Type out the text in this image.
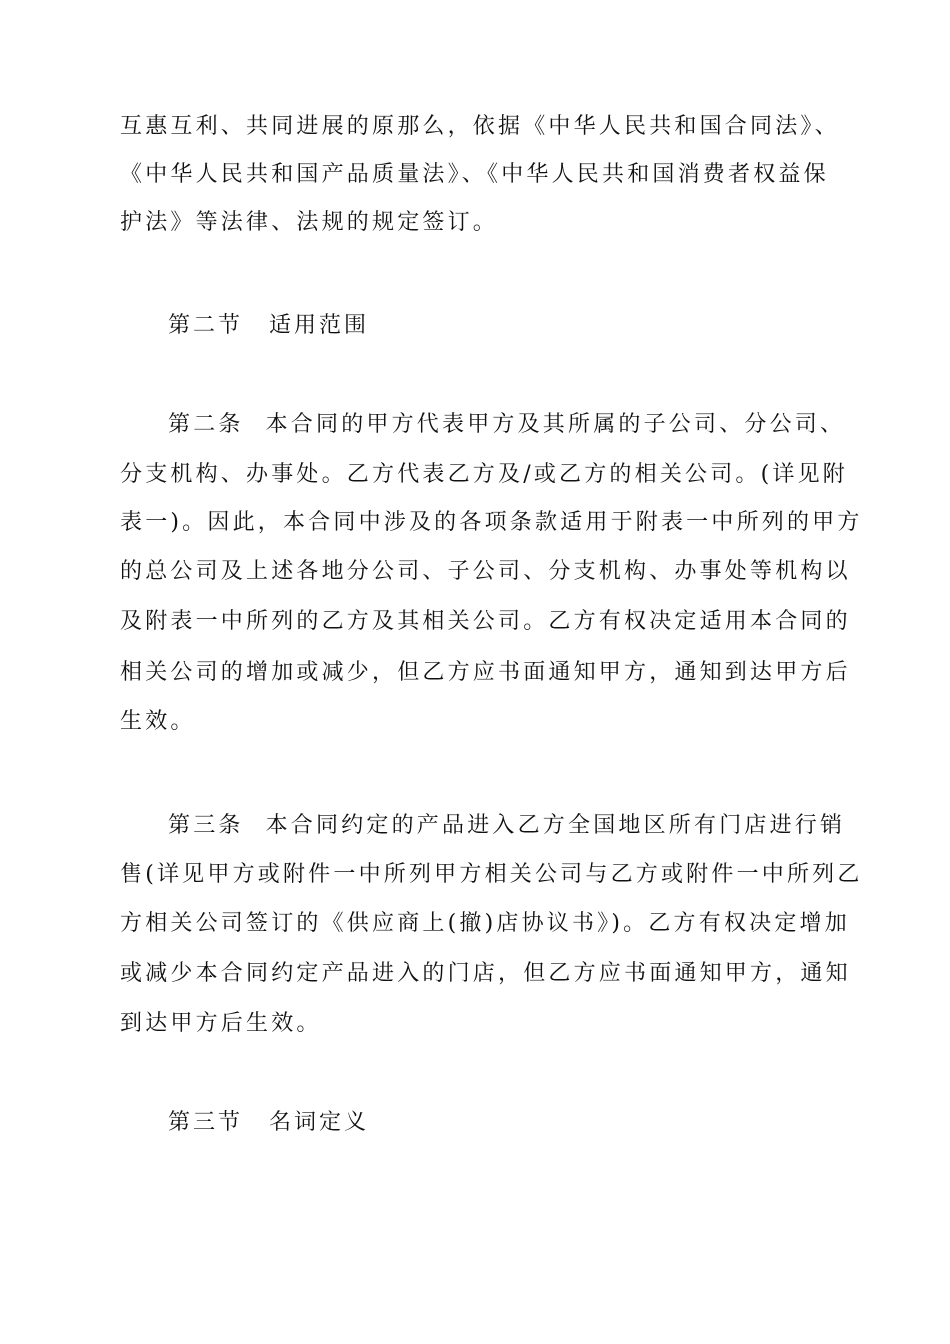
互惠互利、共同进展的原那么，依据《中华人民共和国合同法》、
《中华人民共和国产品质量法》、《中华人民共和国消费者权益保
护法》等法律、法规的规定签订。
第二节 适用范围
第二条 本合同的甲方代表甲方及其所属的子公司、分公司、
分支机构、办事处。乙方代表乙方及/或乙方的相关公司。(详见附
表一)。因此，本合同中涉及的各项条款适用于附表一中所列的甲方
的总公司及上述各地分公司、子公司、分支机构、办事处等机构以
及附表一中所列的乙方及其相关公司。乙方有权决定适用本合同的
相关公司的增加或减少，但乙方应书面通知甲方，通知到达甲方后
生效。
第三条 本合同约定的产品进入乙方全国地区所有门店进行销
售(详见甲方或附件一中所列甲方相关公司与乙方或附件一中所列乙
方相关公司签订的《供应商上(撤)店协议书》)。乙方有权决定增加
或减少本合同约定产品进入的门店，但乙方应书面通知甲方，通知
到达甲方后生效。
第三节 名词定义
